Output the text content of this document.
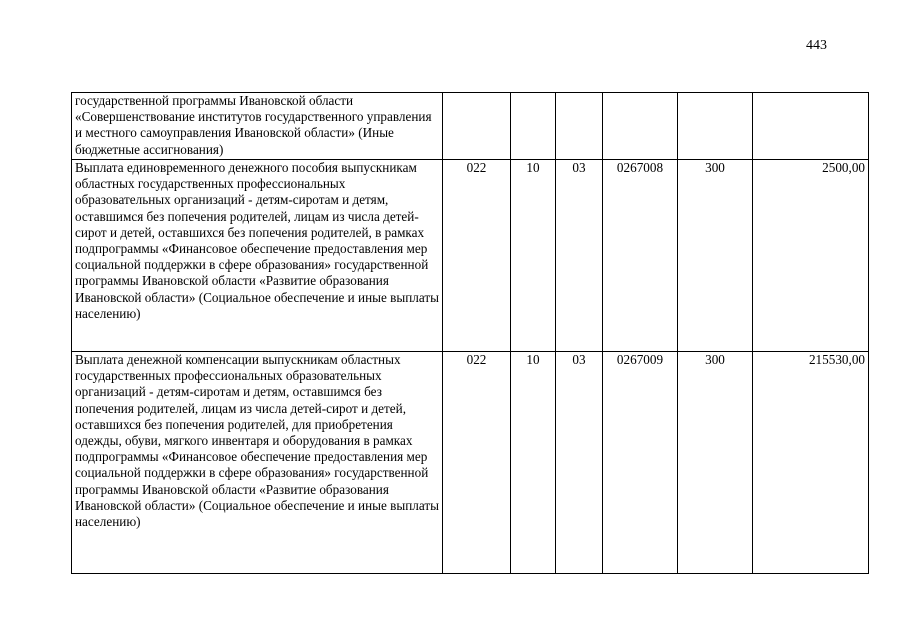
443
государственной программы Ивановской области «Совершенствование институтов государственного управления и местного самоуправления Ивановской области» (Иные бюджетные ассигнования)						
Выплата единовременного денежного пособия выпускникам областных государственных профессиональных образовательных организаций - детям-сиротам и детям, оставшимся без попечения родителей, лицам из числа детей-сирот и детей, оставшихся без попечения родителей, в рамках подпрограммы «Финансовое обеспечение предоставления мер социальной поддержки в сфере образования» государственной программы Ивановской области «Развитие образования Ивановской области» (Социальное обеспечение и иные выплаты населению)	022	10	03	0267008	300	2500,00
Выплата денежной компенсации выпускникам областных государственных профессиональных образовательных организаций - детям-сиротам и детям, оставшимся без попечения родителей, лицам из числа детей-сирот и детей, оставшихся без попечения родителей, для приобретения одежды, обуви, мягкого инвентаря и оборудования в рамках подпрограммы «Финансовое обеспечение предоставления мер социальной поддержки в сфере образования» государственной программы Ивановской области «Развитие образования Ивановской области» (Социальное обеспечение и иные выплаты населению)	022	10	03	0267009	300	215530,00
